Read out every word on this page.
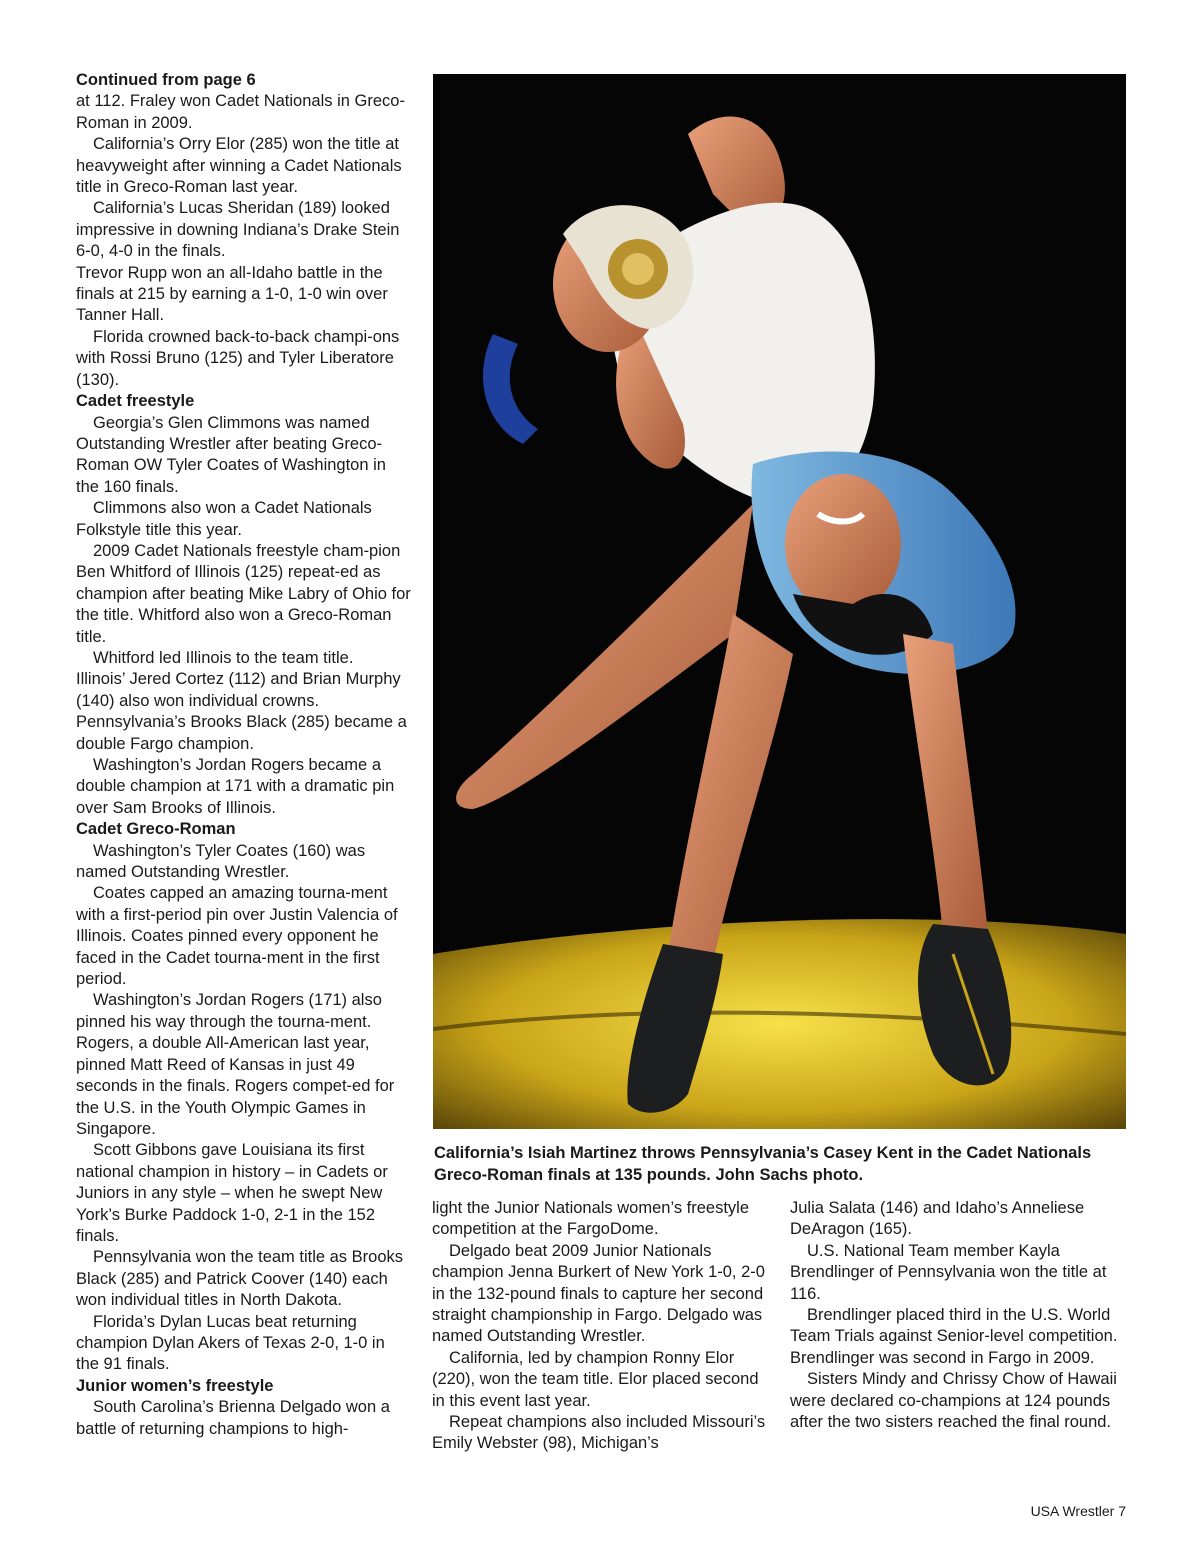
Continued from page 6

at 112. Fraley won Cadet Nationals in Greco-Roman in 2009.

California’s Orry Elor (285) won the title at heavyweight after winning a Cadet Nationals title in Greco-Roman last year.

California’s Lucas Sheridan (189) looked impressive in downing Indiana’s Drake Stein 6-0, 4-0 in the finals.

Trevor Rupp won an all-Idaho battle in the finals at 215 by earning a 1-0, 1-0 win over Tanner Hall.

Florida crowned back-to-back champi-ons with Rossi Bruno (125) and Tyler Liberatore (130).

Cadet freestyle

Georgia’s Glen Climmons was named Outstanding Wrestler after beating Greco-Roman OW Tyler Coates of Washington in the 160 finals.

Climmons also won a Cadet Nationals Folkstyle title this year.

2009 Cadet Nationals freestyle cham-pion Ben Whitford of Illinois (125) repeat-ed as champion after beating Mike Labry of Ohio for the title. Whitford also won a Greco-Roman title.

Whitford led Illinois to the team title.

Illinois’ Jered Cortez (112) and Brian Murphy (140) also won individual crowns.

Pennsylvania’s Brooks Black (285) became a double Fargo champion.

Washington’s Jordan Rogers became a double champion at 171 with a dramatic pin over Sam Brooks of Illinois.

Cadet Greco-Roman

Washington’s Tyler Coates (160) was named Outstanding Wrestler.

Coates capped an amazing tourna-ment with a first-period pin over Justin Valencia of Illinois. Coates pinned every opponent he faced in the Cadet tourna-ment in the first period.

Washington’s Jordan Rogers (171) also pinned his way through the tourna-ment. Rogers, a double All-American last year, pinned Matt Reed of Kansas in just 49 seconds in the finals. Rogers compet-ed for the U.S. in the Youth Olympic Games in Singapore.

Scott Gibbons gave Louisiana its first national champion in history – in Cadets or Juniors in any style – when he swept New York’s Burke Paddock 1-0, 2-1 in the 152 finals.

Pennsylvania won the team title as Brooks Black (285) and Patrick Coover (140) each won individual titles in North Dakota.

Florida’s Dylan Lucas beat returning champion Dylan Akers of Texas 2-0, 1-0 in the 91 finals.

Junior women’s freestyle

South Carolina’s Brienna Delgado won a battle of returning champions to high-

California’s Isiah Martinez throws Pennsylvania’s Casey Kent in the Cadet Nationals Greco-Roman finals at 135 pounds. John Sachs photo.

light the Junior Nationals women’s freestyle competition at the FargoDome.

Delgado beat 2009 Junior Nationals champion Jenna Burkert of New York 1-0, 2-0 in the 132-pound finals to capture her second straight championship in Fargo. Delgado was named Outstanding Wrestler.

California, led by champion Ronny Elor (220), won the team title. Elor placed second in this event last year.

Repeat champions also included Missouri’s Emily Webster (98), Michigan’s

Julia Salata (146) and Idaho’s Anneliese DeAragon (165).

U.S. National Team member Kayla Brendlinger of Pennsylvania won the title at 116.

Brendlinger placed third in the U.S. World Team Trials against Senior-level competition. Brendlinger was second in Fargo in 2009.

Sisters Mindy and Chrissy Chow of Hawaii were declared co-champions at 124 pounds after the two sisters reached the final round.

USA Wrestler 7
